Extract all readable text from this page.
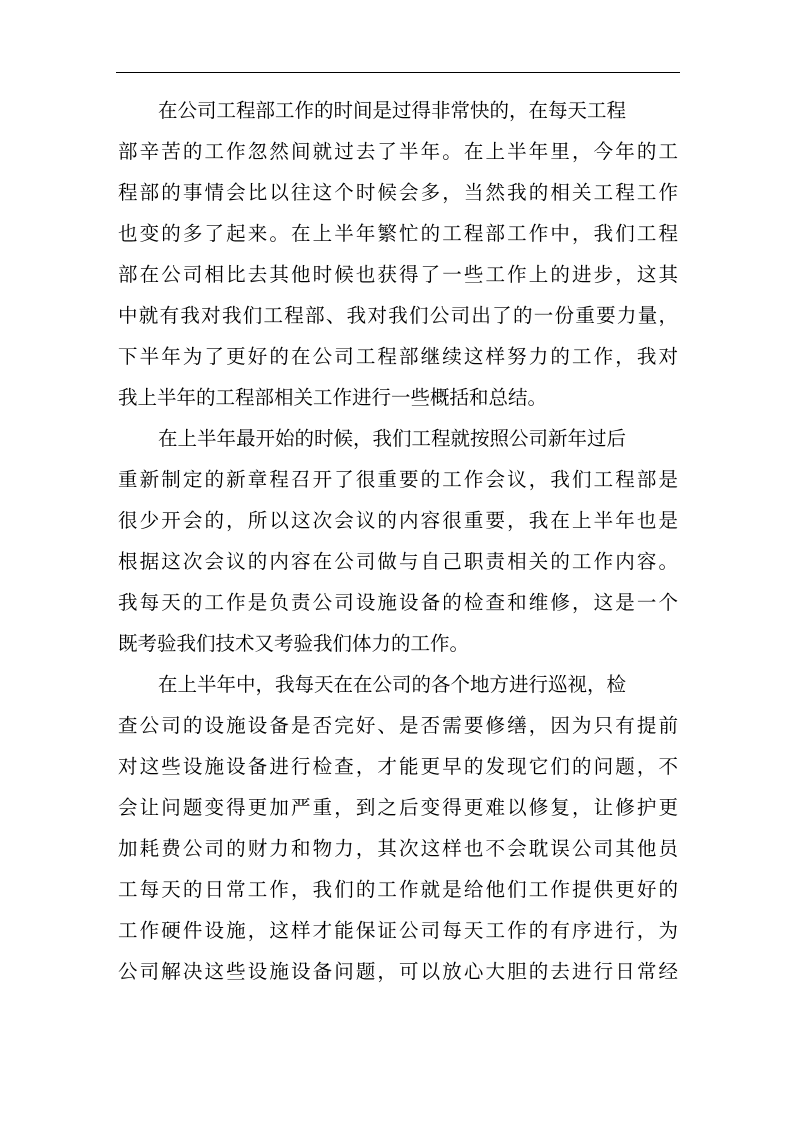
在公司工程部工作的时间是过得非常快的，在每天工程
部辛苦的工作忽然间就过去了半年。在上半年里，今年的工
程部的事情会比以往这个时候会多，当然我的相关工程工作
也变的多了起来。在上半年繁忙的工程部工作中，我们工程
部在公司相比去其他时候也获得了一些工作上的进步，这其
中就有我对我们工程部、我对我们公司出了的一份重要力量，
下半年为了更好的在公司工程部继续这样努力的工作，我对
我上半年的工程部相关工作进行一些概括和总结。
在上半年最开始的时候，我们工程就按照公司新年过后
重新制定的新章程召开了很重要的工作会议，我们工程部是
很少开会的，所以这次会议的内容很重要，我在上半年也是
根据这次会议的内容在公司做与自己职责相关的工作内容。
我每天的工作是负责公司设施设备的检查和维修，这是一个
既考验我们技术又考验我们体力的工作。
在上半年中，我每天在在公司的各个地方进行巡视，检
查公司的设施设备是否完好、是否需要修缮，因为只有提前
对这些设施设备进行检查，才能更早的发现它们的问题，不
会让问题变得更加严重，到之后变得更难以修复，让修护更
加耗费公司的财力和物力，其次这样也不会耽误公司其他员
工每天的日常工作，我们的工作就是给他们工作提供更好的
工作硬件设施，这样才能保证公司每天工作的有序进行，为
公司解决这些设施设备问题，可以放心大胆的去进行日常经
